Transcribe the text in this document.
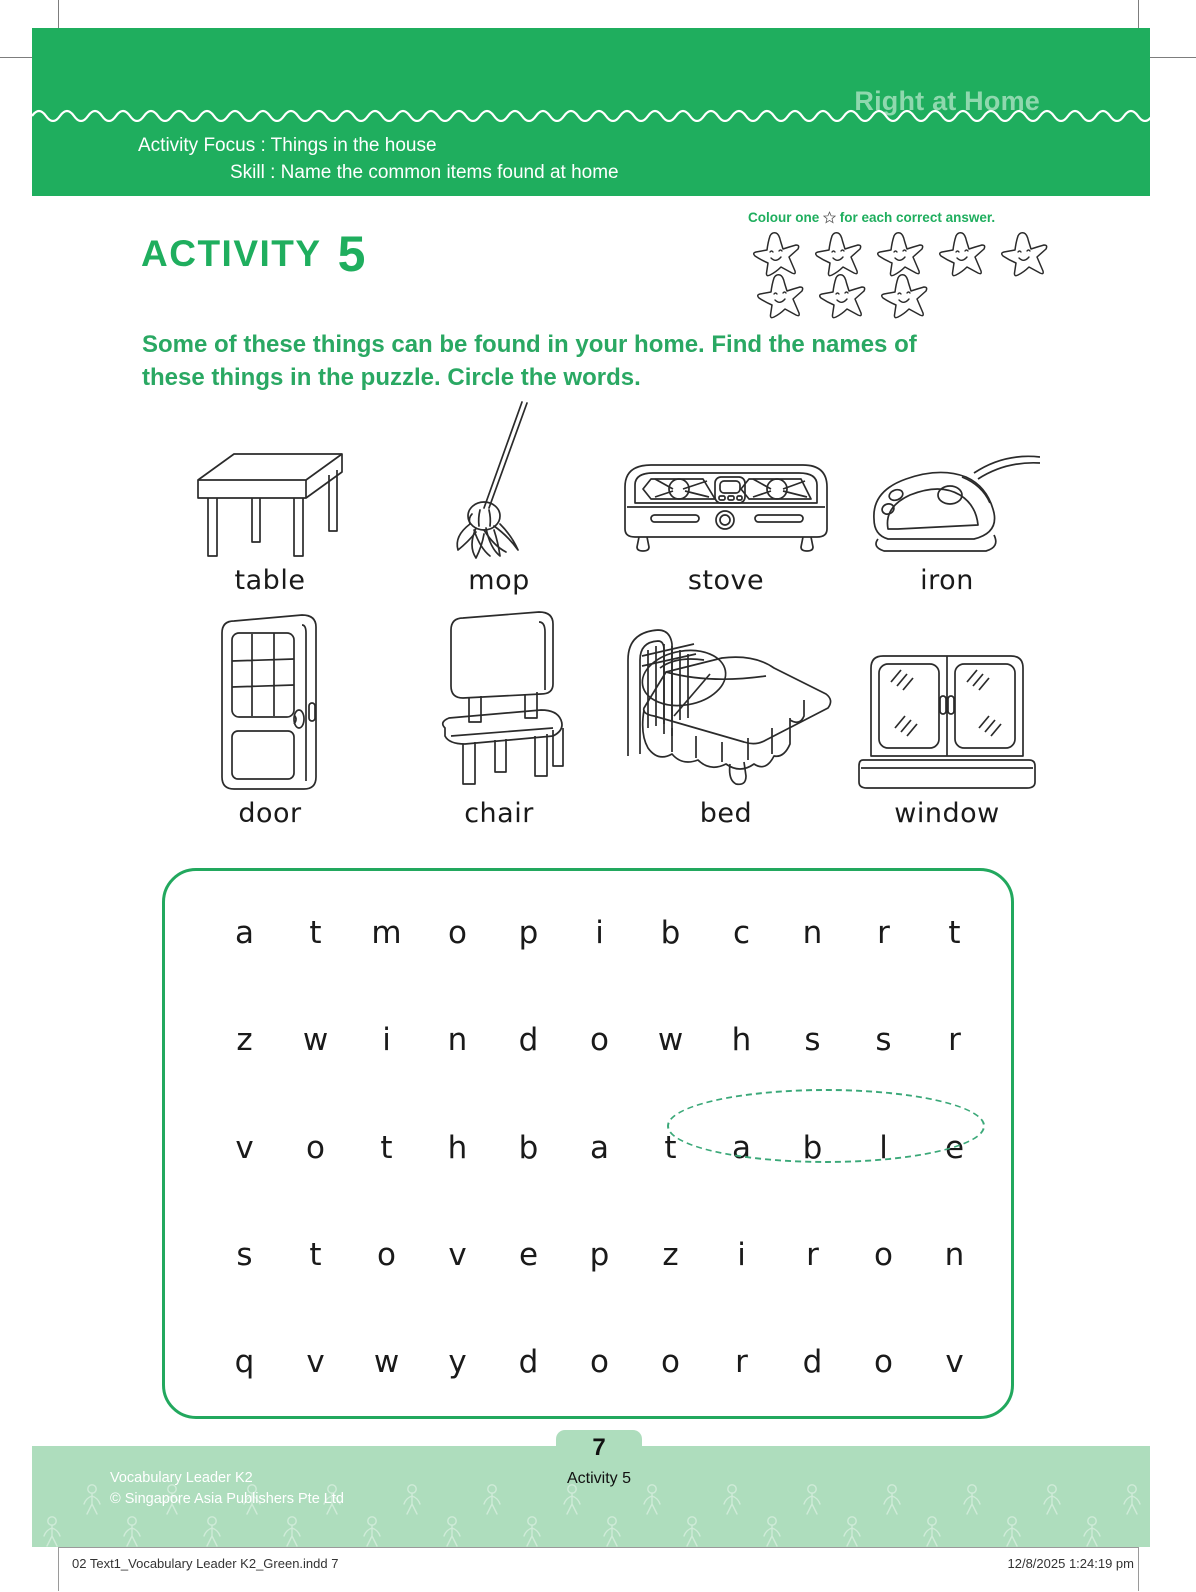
Right at Home
Activity Focus : Things in the house
Skill : Name the common items found at home
ACTIVITY 5
Colour one for each correct answer.
Some of these things can be found in your home. Find the names of
these things in the puzzle. Circle the words.
table	mop	stove	iron
door	chair	bed	window
a	t	m	o	p	i	b	c	n	r	t
z	w	i	n	d	o	w	h	s	s	r
v	o	t	h	b	a	t	a	b	l	e
s	t	o	v	e	p	z	i	r	o	n
q	v	w	y	d	o	o	r	d	o	v
Vocabulary Leader K2
© Singapore Asia Publishers Pte Ltd
7
Activity 5
02 Text1_Vocabulary Leader K2_Green.indd 7	12/8/2025 1:24:19 pm
